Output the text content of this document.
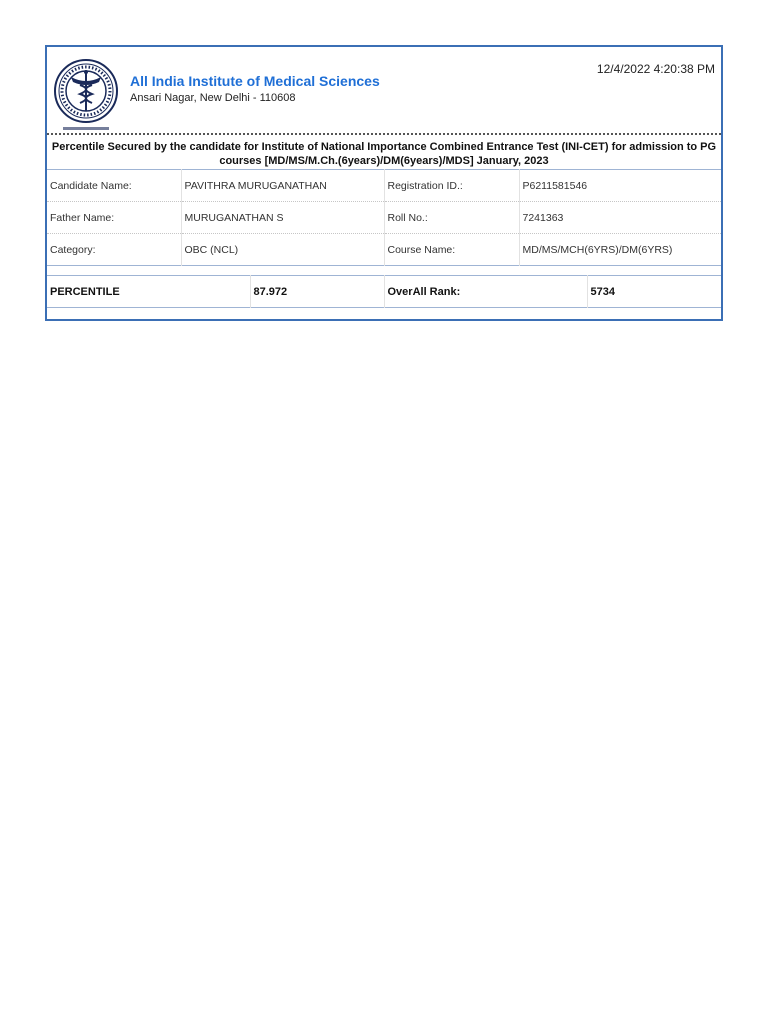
All India Institute of Medical Sciences
Ansari Nagar, New Delhi - 110608
12/4/2022 4:20:38 PM
Percentile Secured by the candidate for Institute of National Importance Combined Entrance Test (INI-CET) for admission to PG courses [MD/MS/M.Ch.(6years)/DM(6years)/MDS] January, 2023
Candidate Name:	PAVITHRA MURUGANATHAN	Registration ID.:	P6211581546
Father Name:	MURUGANATHAN S	Roll No.:	7241363
Category:	OBC (NCL)	Course Name:	MD/MS/MCH(6YRS)/DM(6YRS)
PERCENTILE	87.972	OverAll Rank:	5734
